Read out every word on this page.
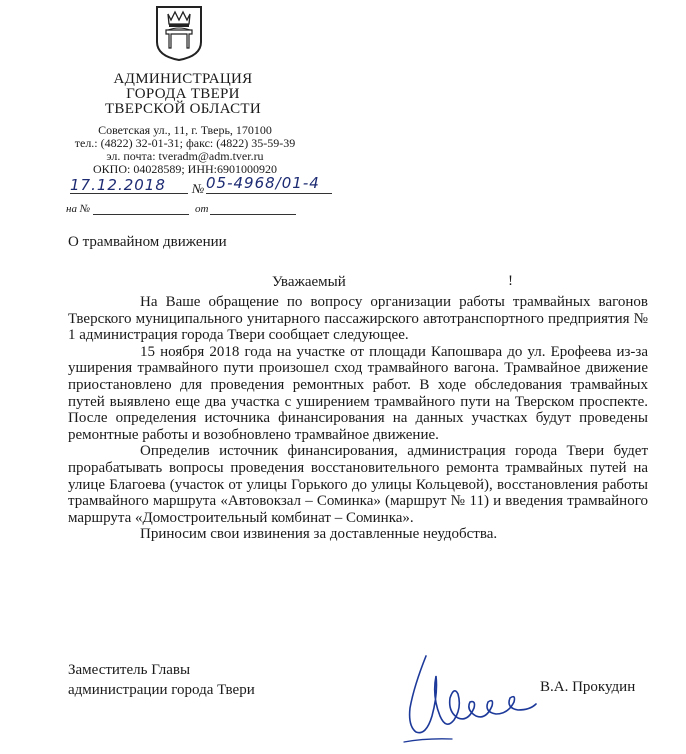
АДМИНИСТРАЦИЯ
ГОРОДА ТВЕРИ
ТВЕРСКОЙ ОБЛАСТИ
Советская ул., 11, г. Тверь, 170100
тел.: (4822) 32-01-31; факс: (4822) 35-59-39
эл. почта: tveradm@adm.tver.ru
ОКПО: 04028589; ИНН:6901000920
17.12.2018 № 05-4968/01-4
на №	от
О трамвайном движении
Уважаемый	!

На Ваше обращение по вопросу организации работы трамвайных вагонов Тверского муниципального унитарного пассажирского автотранспортного предприятия № 1 администрация города Твери сообщает следующее.

15 ноября 2018 года на участке от площади Капошвара до ул. Ерофеева из-за уширения трамвайного пути произошел сход трамвайного вагона. Трамвайное движение приостановлено для проведения ремонтных работ. В ходе обследования трамвайных путей выявлено еще два участка с уширением трамвайного пути на Тверском проспекте. После определения источника финансирования на данных участках будут проведены ремонтные работы и возобновлено трамвайное движение.

Определив источник финансирования, администрация города Твери будет прорабатывать вопросы проведения восстановительного ремонта трамвайных путей на улице Благоева (участок от улицы Горького до улицы Кольцевой), восстановления работы трамвайного маршрута «Автовокзал – Соминка» (маршрут № 11) и введения трамвайного маршрута «Домостроительный комбинат – Соминка».

Приносим свои извинения за доставленные неудобства.

Заместитель Главы
администрации города Твери	В.А. Прокудин
